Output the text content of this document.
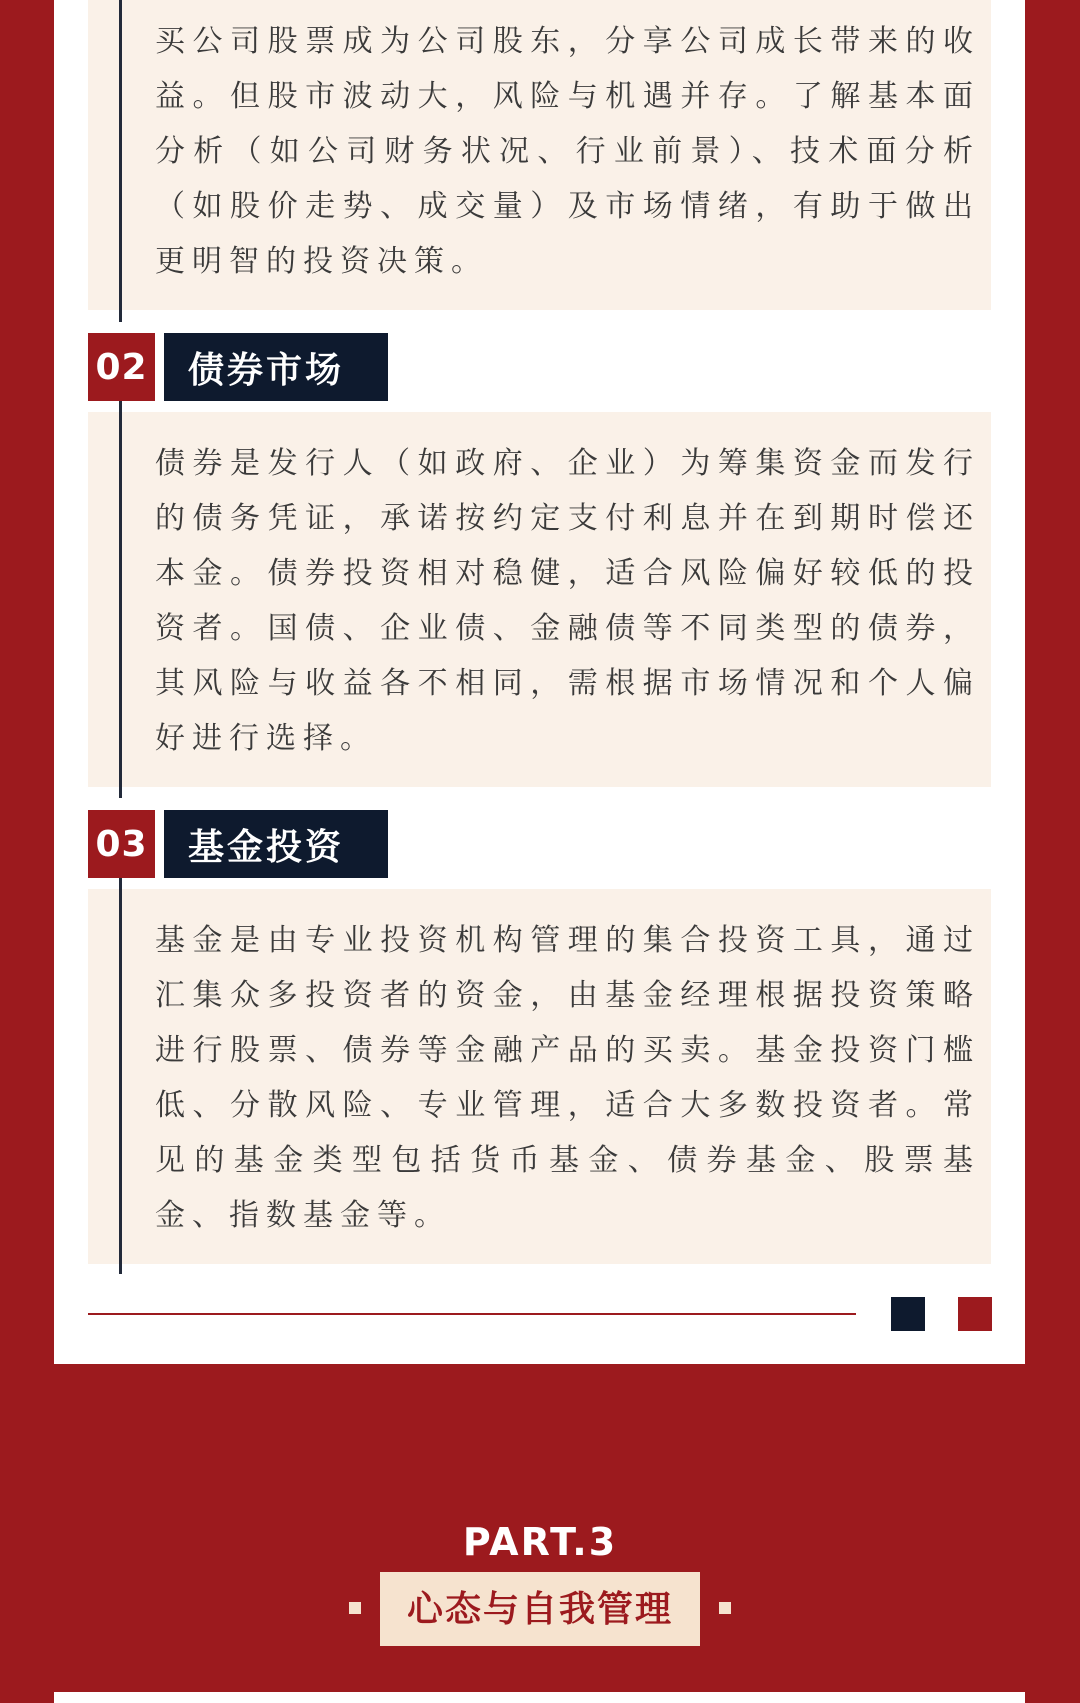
买公司股票成为公司股东，分享公司成长带来的收益。但股市波动大，风险与机遇并存。了解基本面分析（如公司财务状况、行业前景）、技术面分析（如股价走势、成交量）及市场情绪，有助于做出更明智的投资决策。

02	债券市场

债券是发行人（如政府、企业）为筹集资金而发行的债务凭证，承诺按约定支付利息并在到期时偿还本金。债券投资相对稳健，适合风险偏好较低的投资者。国债、企业债、金融债等不同类型的债券，其风险与收益各不相同，需根据市场情况和个人偏好进行选择。

03	基金投资

基金是由专业投资机构管理的集合投资工具，通过汇集众多投资者的资金，由基金经理根据投资策略进行股票、债券等金融产品的买卖。基金投资门槛低、分散风险、专业管理，适合大多数投资者。常见的基金类型包括货币基金、债券基金、股票基金、指数基金等。

PART.3
心态与自我管理
